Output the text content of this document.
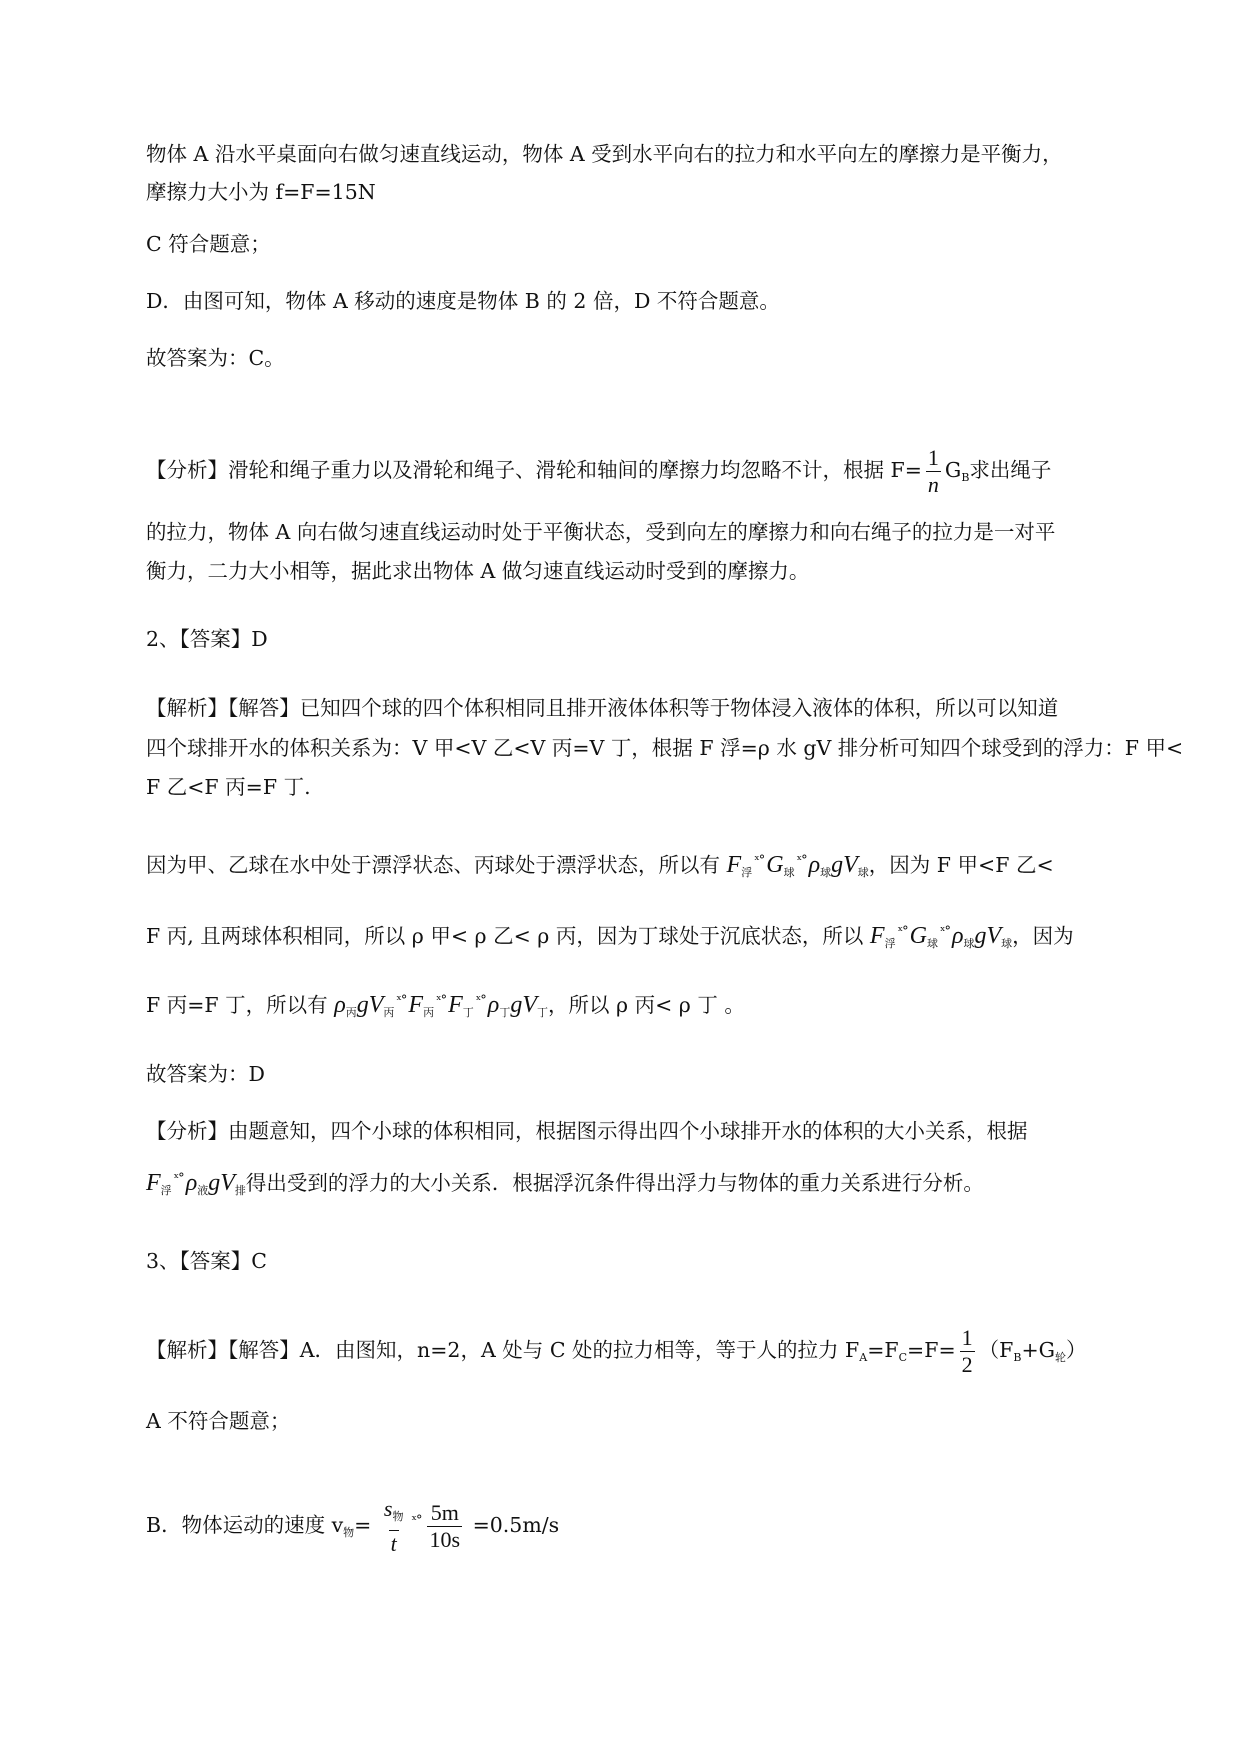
物体 A 沿水平桌面向右做匀速直线运动，物体 A 受到水平向右的拉力和水平向左的摩擦力是平衡力，
摩擦力大小为 f=F=15N
C 符合题意；
D．由图可知，物体 A 移动的速度是物体 B 的 2 倍，D 不符合题意。
故答案为：C。
【分析】滑轮和绳子重力以及滑轮和绳子、滑轮和轴间的摩擦力均忽略不计，根据 $F= \frac{1}{n} G_B$求出绳子
的拉力，物体 A 向右做匀速直线运动时处于平衡状态，受到向左的摩擦力和向右绳子的拉力是一对平
衡力，二力大小相等，据此求出物体 A 做匀速直线运动时受到的摩擦力。
2、【答案】D
【解析】【解答】已知四个球的四个体积相同且排开液体体积等于物体浸入液体的体积，所以可以知道
四个球排开水的体积关系为：V 甲<V 乙<V 丙=V 丁，根据 F 浮=ρ 水 gV 排分析可知四个球受到的浮力：F 甲<
F 乙<F 丙=F 丁.
因为甲、乙球在水中处于漂浮状态、丙球处于漂浮状态，所以有 $F_浮^{ˣ^\circ}G_球^{ˣ^\circ}\rho_球gV_球$，因为 F 甲<F 乙<
F 丙, 且两球体积相同，所以 ρ 甲< ρ 乙< ρ 丙，因为丁球处于沉底状态，所以 $F_浮^{ˣ^\circ}G_球^{ˣ^\circ}\rho_球gV_球$，因为
F 丙=F 丁，所以有 $\rho_丙gV_丙^{ˣ^\circ}F_丙^{ˣ^\circ}F_丁^{ˣ^\circ}\rho_丁gV_丁$，所以 ρ 丙< ρ 丁 。
故答案为：D
【分析】由题意知，四个小球的体积相同，根据图示得出四个小球排开水的体积的大小关系，根据
$F_浮^{ˣ^\circ}\rho_液gV_排$得出受到的浮力的大小关系．根据浮沉条件得出浮力与物体的重力关系进行分析。
3、【答案】C
【解析】【解答】A．由图知，n=2，A 处与 C 处的拉力相等，等于人的拉力 $F_A=F_C=F= \frac{1}{2} (F_B+G_轮)$
A 不符合题意；
B．物体运动的速度 $v_物= \frac{s_物}{t} ^{ˣ^\circ} \frac{5m}{10s} =0.5m/s$
